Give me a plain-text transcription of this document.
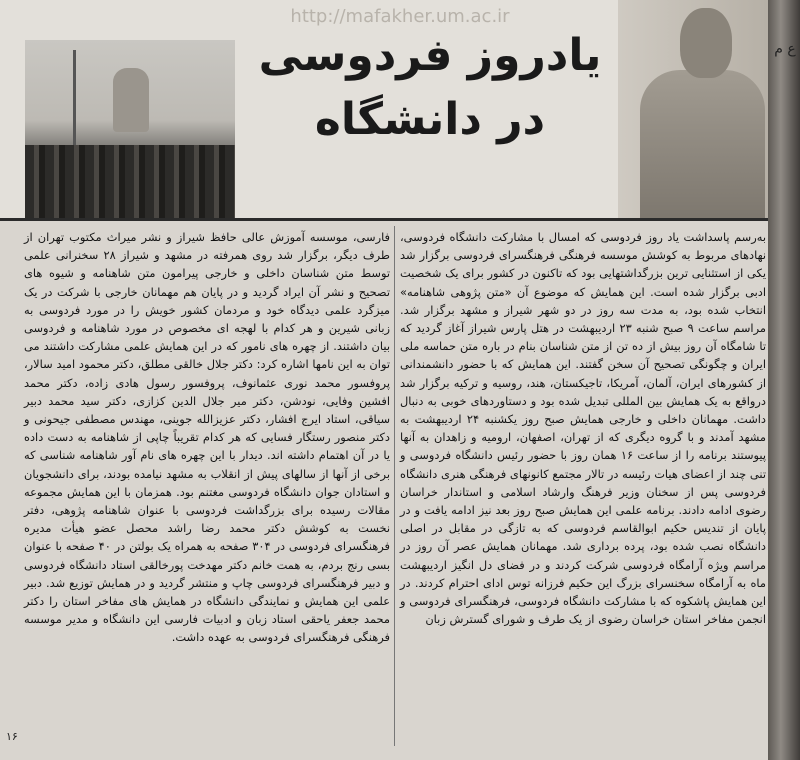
http://mafakher.um.ac.ir
یادروز فردوسی
در دانشگاه

به‌رسم پاسداشت یاد روز فردوسی که امسال با مشارکت دانشگاه فردوسی، نهادهای مربوط به کوشش موسسه فرهنگی فرهنگسرای فردوسی برگزار شد یکی از استثنایی ترین بزرگداشتهایی بود که تاکنون در کشور برای یک شخصیت ادبی برگزار شده است. این همایش که موضوع آن «متن پژوهی شاهنامه» انتخاب شده بود، به مدت سه روز در دو شهر شیراز و مشهد برگزار شد. مراسم ساعت ۹ صبح شنبه ۲۳ اردیبهشت در هتل پارس شیراز آغاز گردید که تا شامگاه آن روز بیش از ده تن از متن شناسان بنام در باره متن حماسه ملی ایران و چگونگی تصحیح آن سخن گفتند. این همایش که با حضور دانشمندانی از کشورهای ایران، آلمان، آمریکا، تاجیکستان، هند، روسیه و ترکیه برگزار شد درواقع به یک همایش بین المللی تبدیل شده بود و دستاوردهای خوبی به دنبال داشت. مهمانان داخلی و خارجی همایش صبح روز یکشنبه ۲۴ اردیبهشت به مشهد آمدند و با گروه دیگری که از تهران، اصفهان، ارومیه و زاهدان به آنها پیوستند برنامه را از ساعت ۱۶ همان روز با حضور رئیس دانشگاه فردوسی و تنی چند از اعضای هیات رئیسه در تالار مجتمع کانونهای فرهنگی هنری دانشگاه فردوسی پس از سخنان وزیر فرهنگ وارشاد اسلامی و استاندار خراسان رضوی ادامه دادند. برنامه علمی این همایش صبح روز بعد نیز ادامه یافت و در پایان از تندیس حکیم ابوالقاسم فردوسی که به تازگی در مقابل در اصلی دانشگاه نصب شده بود، پرده برداری شد. مهمانان همایش عصر آن روز در مراسم ویژه آرامگاه فردوسی شرکت کردند و در فضای دل انگیز اردیبهشت ماه به آرامگاه سخنسرای بزرگ این حکیم فرزانه توس ادای احترام کردند. در این همایش پاشکوه که با مشارکت دانشگاه فردوسی، فرهنگسرای فردوسی و انجمن مفاخر استان خراسان رضوی از یک طرف و شورای گسترش زبان

فارسی، موسسه آموزش عالی حافظ شیراز و نشر میراث مکتوب تهران از طرف دیگر، برگزار شد روی همرفته در مشهد و شیراز ۲۸ سخنرانی علمی توسط متن شناسان داخلی و خارجی پیرامون متن شاهنامه و شیوه های تصحیح و نشر آن ایراد گردید و در پایان هم مهمانان خارجی با شرکت در یک میزگرد علمی دیدگاه خود و مردمان کشور خویش را در مورد فردوسی به زبانی شیرین و هر کدام با لهجه ای مخصوص در مورد شاهنامه و فردوسی بیان داشتند. از چهره های نامور که در این همایش علمی مشارکت داشتند می توان به این نامها اشاره کرد: دکتر جلال خالقی مطلق، دکتر محمود امید سالار، پروفسور محمد نوری عثمانوف، پروفسور رسول هادی زاده، دکتر محمد افشین وفایی، نودشن، دکتر میر جلال الدین کزازی، دکتر سید محمد دبیر سیاقی، استاد ایرج افشار، دکتر عزیزالله جوینی، مهندس مصطفی جیحونی و دکتر منصور رستگار فسایی که هر کدام تقریباً چاپی از شاهنامه به دست داده یا در آن اهتمام داشته اند. دیدار با این چهره های نام آور شاهنامه شناسی که برخی از آنها از سالهای پیش از انقلاب به مشهد نیامده بودند، برای دانشجویان و استادان جوان دانشگاه فردوسی مغتنم بود. همزمان با این همایش مجموعه مقالات رسیده برای بزرگداشت فردوسی با عنوان شاهنامه پژوهی، دفتر نخست به کوشش دکتر محمد رضا راشد محصل عضو هیأت مدیره فرهنگسرای فردوسی در ۳۰۴ صفحه به همراه یک بولتن در ۴۰ صفحه با عنوان بسی رنج بردم، به همت خانم دکتر مهدخت پورخالقی استاد دانشگاه فردوسی و دبیر فرهنگسرای فردوسی چاپ و منتشر گردید و در همایش توزیع شد. دبیر علمی این همایش و نمایندگی دانشگاه در همایش های مفاخر استان را دکتر محمد جعفر یاحقی استاد زبان و ادبیات فارسی این دانشگاه و مدیر موسسه فرهنگی فرهنگسرای فردوسی به عهده داشت.

۱۶
ع م
